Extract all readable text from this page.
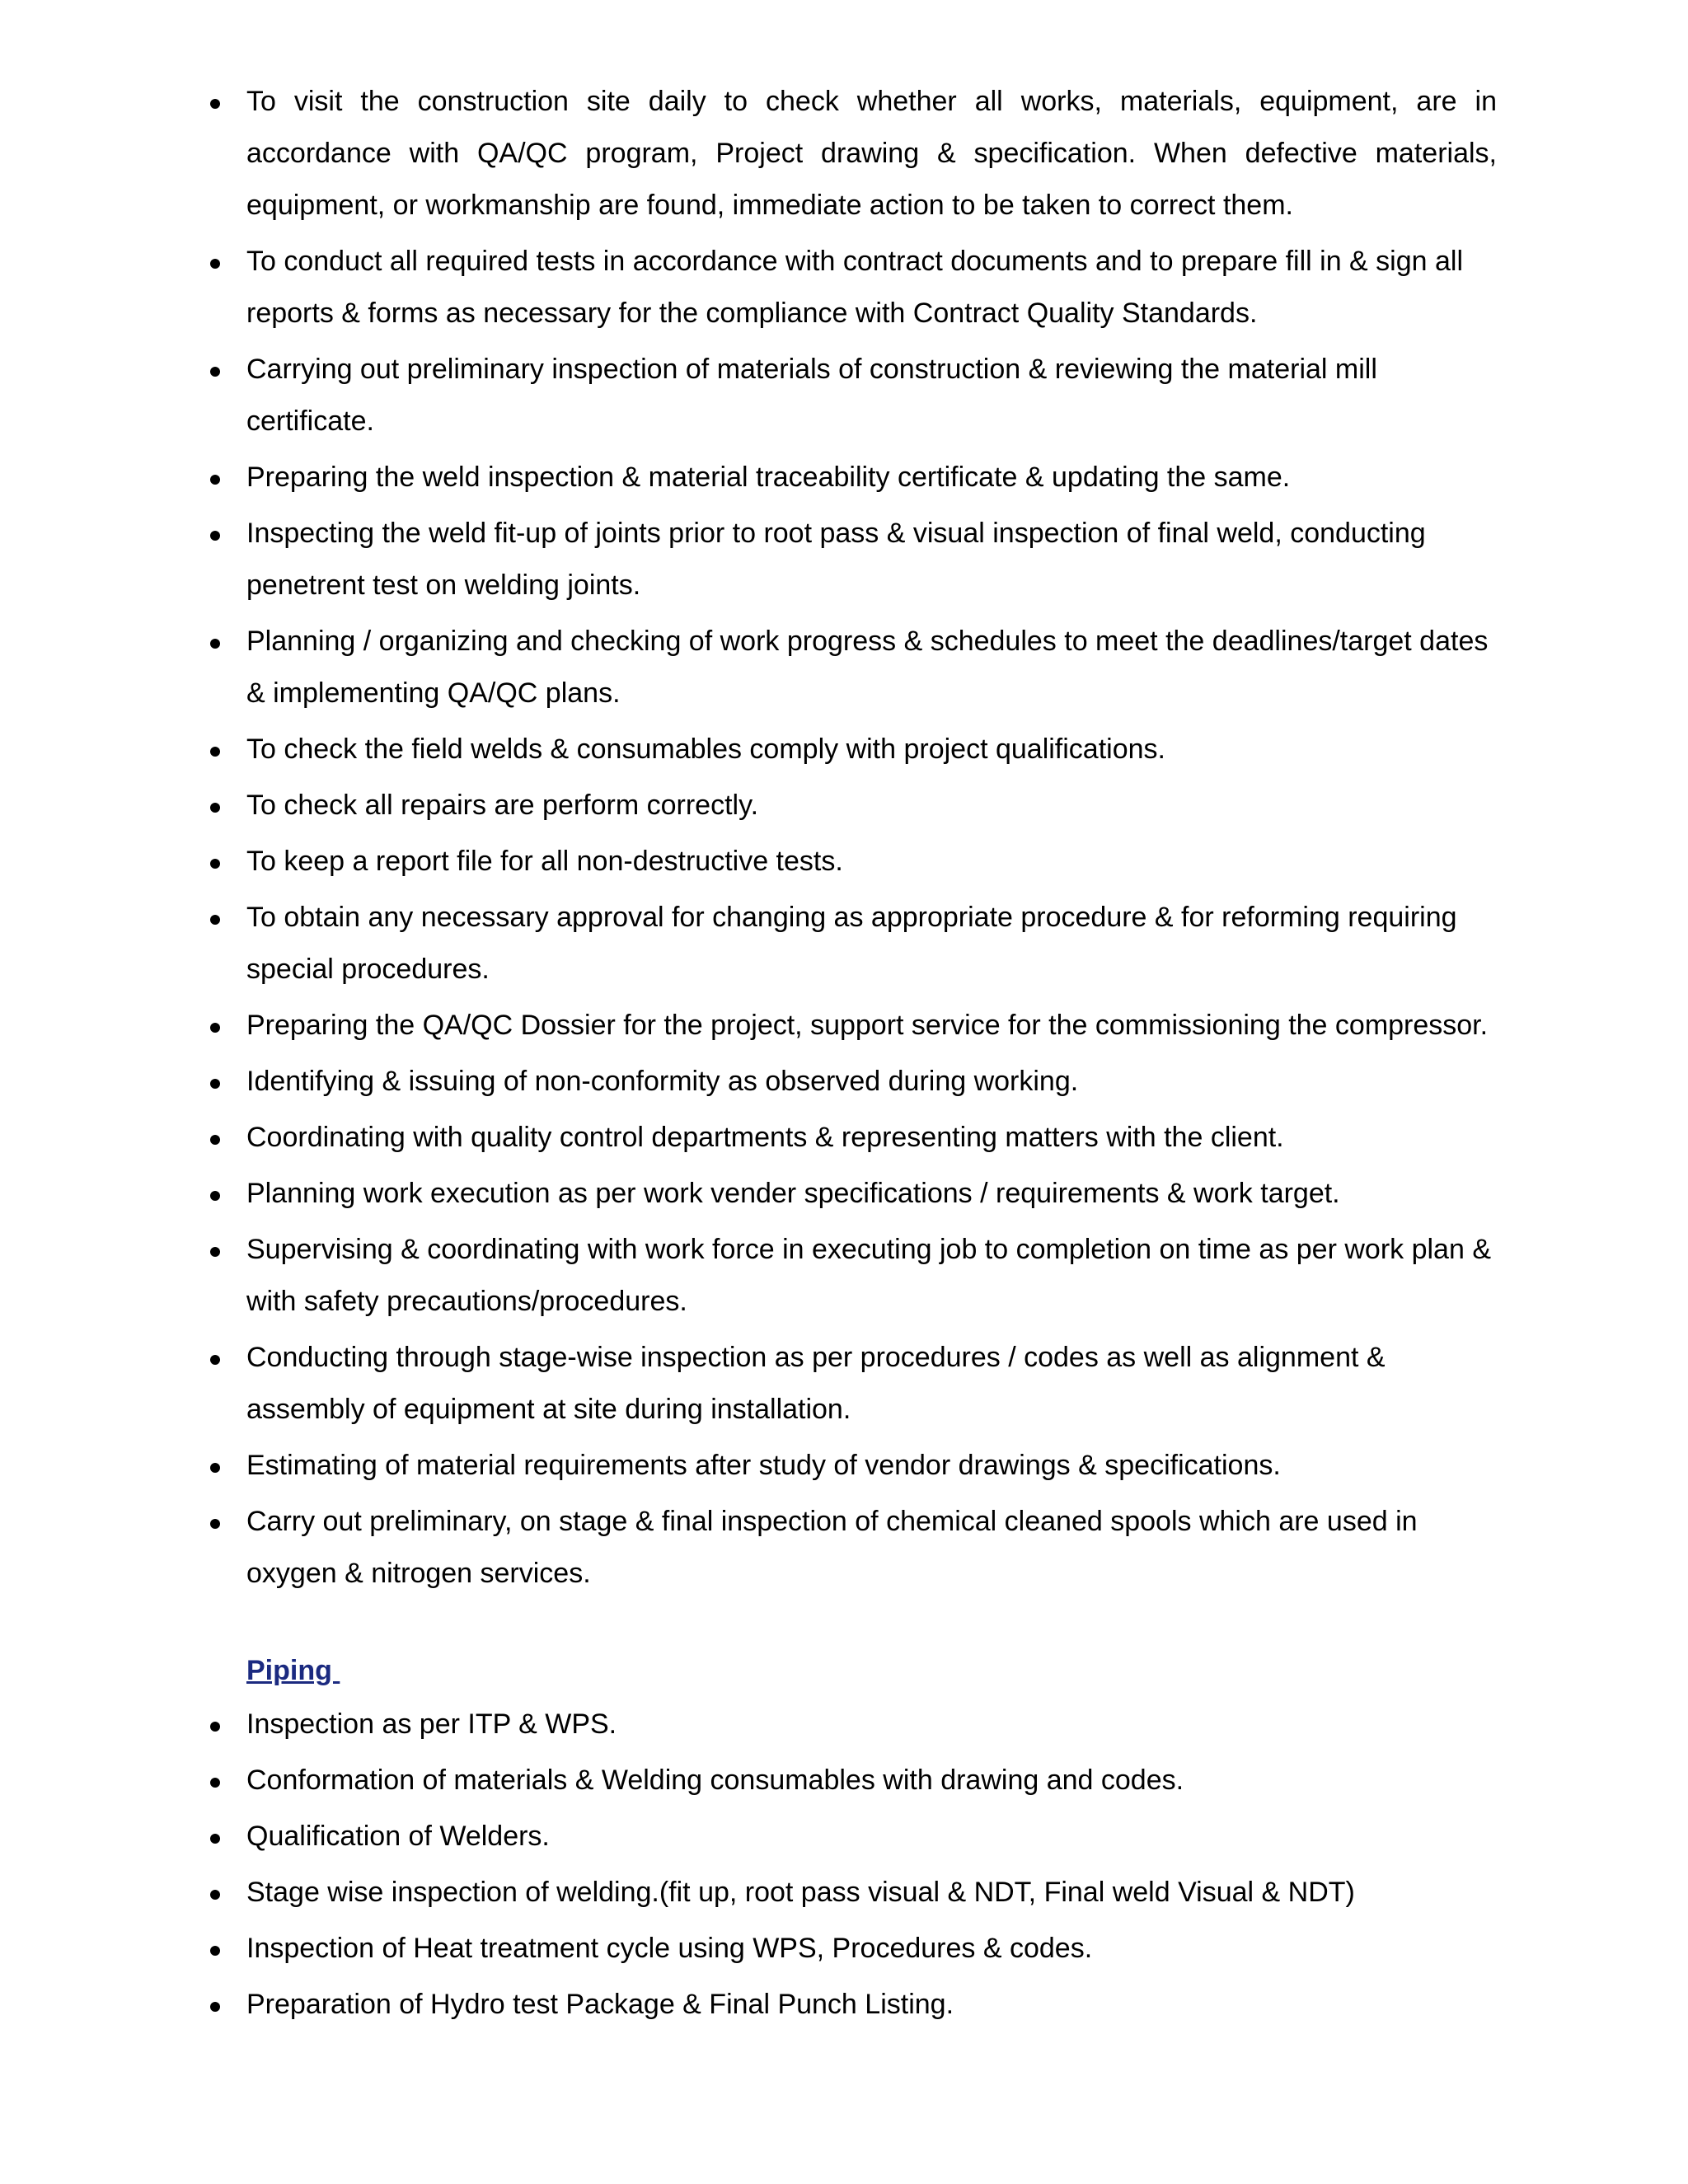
To visit the construction site daily to check whether all works, materials, equipment, are in accordance with QA/QC program, Project drawing & specification. When defective materials, equipment, or workmanship are found, immediate action to be taken to correct them.
To conduct all required tests in accordance with contract documents and to prepare fill in & sign all reports & forms as necessary for the compliance with Contract Quality Standards.
Carrying out preliminary inspection of materials of construction & reviewing the material mill certificate.
Preparing the weld inspection & material traceability certificate & updating the same.
Inspecting the weld fit-up of joints prior to root pass & visual inspection of final weld, conducting penetrent test on welding joints.
Planning / organizing and checking of work progress & schedules to meet the deadlines/target dates & implementing QA/QC plans.
To check the field welds & consumables comply with project qualifications.
To check all repairs are perform correctly.
To keep a report file for all non-destructive tests.
To obtain any necessary approval for changing as appropriate procedure & for reforming requiring special procedures.
Preparing the QA/QC Dossier for the project, support service for the commissioning the compressor.
Identifying & issuing of non-conformity as observed during working.
Coordinating with quality control departments & representing matters with the client.
Planning work execution as per work vender specifications / requirements & work target.
Supervising & coordinating with work force in executing job to completion on time as per work plan & with safety precautions/procedures.
Conducting through stage-wise inspection as per procedures / codes as well as alignment & assembly of equipment at site during installation.
Estimating of material requirements after study of vendor drawings & specifications.
Carry out preliminary, on stage & final inspection of chemical cleaned spools which are used in oxygen & nitrogen services.
Piping
Inspection as per ITP & WPS.
Conformation of materials & Welding consumables with drawing and codes.
Qualification of Welders.
Stage wise inspection of welding.(fit up, root pass visual & NDT, Final weld Visual & NDT)
Inspection of Heat treatment cycle using WPS, Procedures & codes.
Preparation of Hydro test Package & Final Punch Listing.
